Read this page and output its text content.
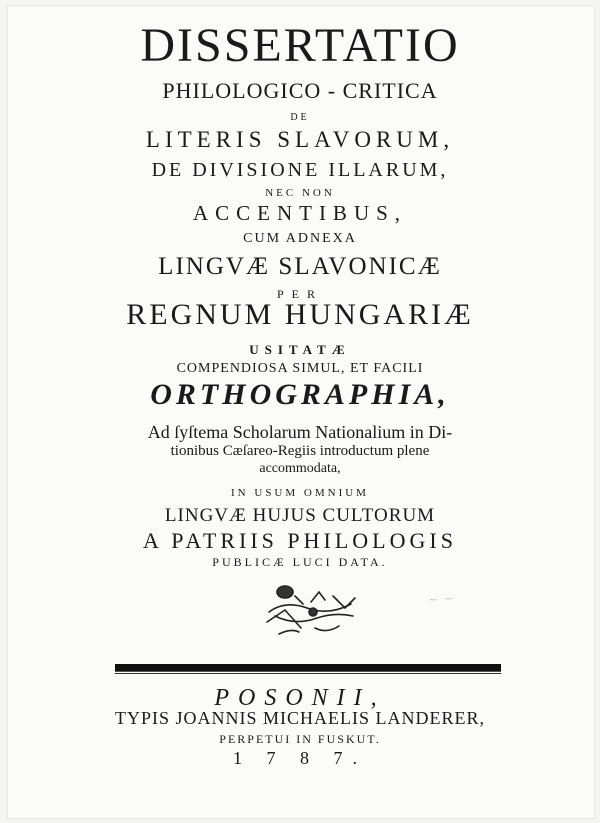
DISSERTATIO
PHILOLOGICO - CRITICA
DE
LITERIS SLAVORUM,
DE DIVISIONE ILLARUM,
NEC NON
ACCENTIBUS,
CUM ADNEXA
LINGVÆ SLAVONICÆ
PER
REGNUM HUNGARIÆ
USITATÆ
COMPENDIOSA SIMUL, ET FACILI
ORTHOGRAPHIA,
Ad ſyſtema Scholarum Nationalium in Di-
tionibus Cæſareo-Regiis introductum plene
accommodata,
IN USUM OMNIUM
LINGVÆ HUJUS CULTORUM
A PATRIIS PHILOLOGIS
PUBLICÆ LUCI DATA.
~ ~
POSONII,
TYPIS JOANNIS MICHAELIS LANDERER,
PERPETUI IN FUSKUT.
1 7 8 7.
